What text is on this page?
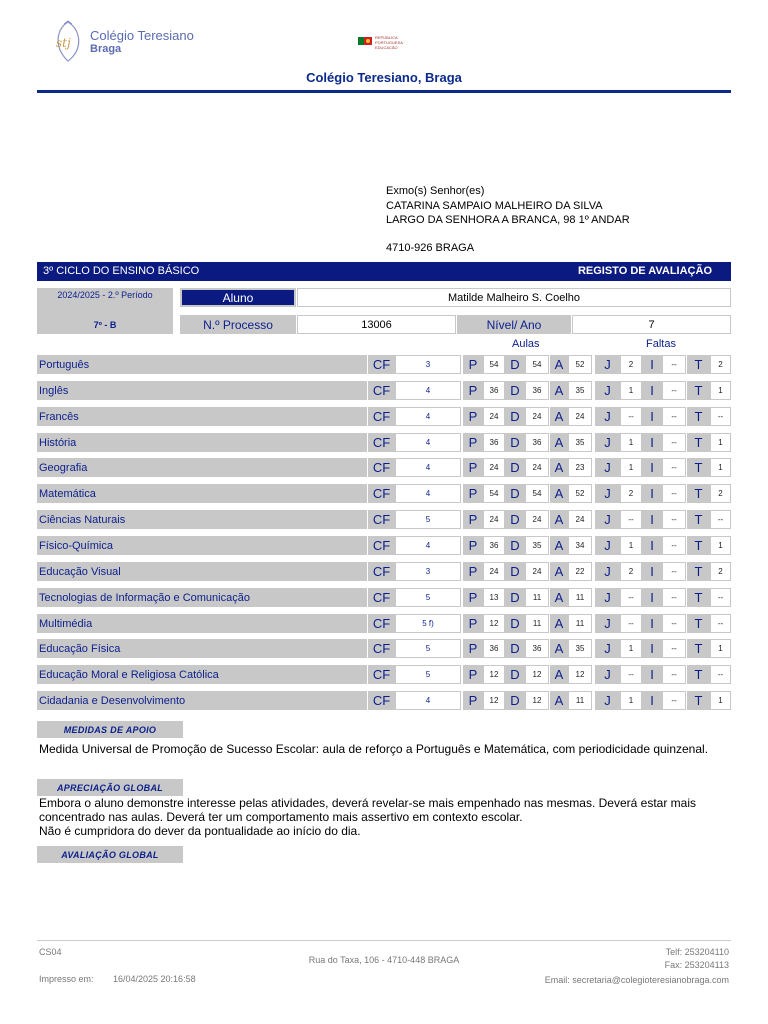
stj Colégio Teresiano
Braga
REPÚBLICA PORTUGUESA · EDUCAÇÃO
Colégio Teresiano, Braga
Exmo(s) Senhor(es)
CATARINA SAMPAIO MALHEIRO DA SILVA
LARGO DA SENHORA A BRANCA, 98 1º ANDAR
4710-926 BRAGA
3º CICLO DO ENSINO BÁSICO	REGISTO DE AVALIAÇÃO
2024/2025 - 2.º Período
7º - B
Aluno	Matilde Malheiro S. Coelho
N.º Processo	13006	Nível/ Ano	7
Aulas	Faltas
Português	CF	3	P	54 D	54	A	52	J	2	I	--	T	2
Inglês	CF	4	P	36 D	36	A	35	J	1	I	--	T	1
Francês	CF	4	P	24 D	24	A	24	J	--	I	--	T	--
História	CF	4	P	36 D	36	A	35	J	1	I	--	T	1
Geografia	CF	4	P	24 D	24	A	23	J	1	I	--	T	1
Matemática	CF	4	P	54 D	54	A	52	J	2	I	--	T	2
Ciências Naturais	CF	5	P	24 D	24	A	24	J	--	I	--	T	--
Físico-Química	CF	4	P	36 D	35	A	34	J	1	I	--	T	1
Educação Visual	CF	3	P	24 D	24	A	22	J	2	I	--	T	2
Tecnologias de Informação e Comunicação	CF	5	P	13 D	11	A	11	J	--	I	--	T	--
Multimédia	CF	5 f)	P	12 D	11	A	11	J	--	I	--	T	--
Educação Física	CF	5	P	36 D	36	A	35	J	1	I	--	T	1
Educação Moral e Religiosa Católica	CF	5	P	12 D	12	A	12	J	--	I	--	T	--
Cidadania e Desenvolvimento	CF	4	P	12 D	12	A	11	J	1	I	--	T	1
MEDIDAS DE APOIO
Medida Universal de Promoção de Sucesso Escolar: aula de reforço a Português e Matemática, com periodicidade quinzenal.
APRECIAÇÃO GLOBAL
Embora o aluno demonstre interesse pelas atividades, deverá revelar-se mais empenhado nas mesmas. Deverá estar mais concentrado nas aulas. Deverá ter um comportamento mais assertivo em contexto escolar.
Não é cumpridora do dever da pontualidade ao início do dia.
AVALIAÇÃO GLOBAL
CS04
Impresso em: 16/04/2025 20:16:58
Rua do Taxa, 106 - 4710-448 BRAGA
Telf: 253204110
Fax: 253204113
Email: secretaria@colegioteresianobraga.com
